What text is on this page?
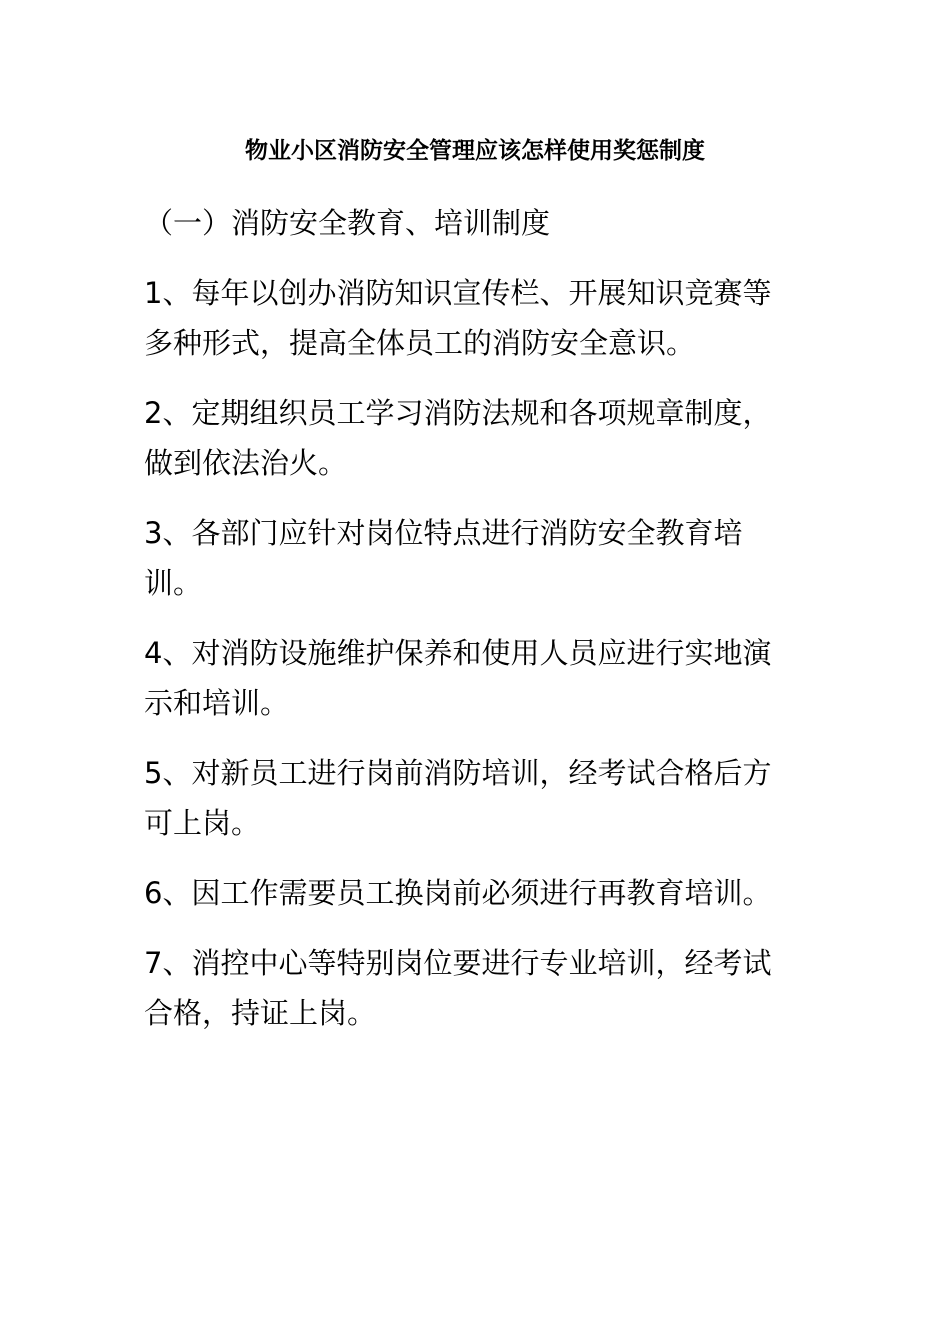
物业小区消防安全管理应该怎样使用奖惩制度
（一）消防安全教育、培训制度
1、每年以创办消防知识宣传栏、开展知识竞赛等多种形式，提高全体员工的消防安全意识。
2、定期组织员工学习消防法规和各项规章制度，做到依法治火。
3、各部门应针对岗位特点进行消防安全教育培训。
4、对消防设施维护保养和使用人员应进行实地演示和培训。
5、对新员工进行岗前消防培训，经考试合格后方可上岗。
6、因工作需要员工换岗前必须进行再教育培训。
7、消控中心等特别岗位要进行专业培训，经考试合格，持证上岗。
